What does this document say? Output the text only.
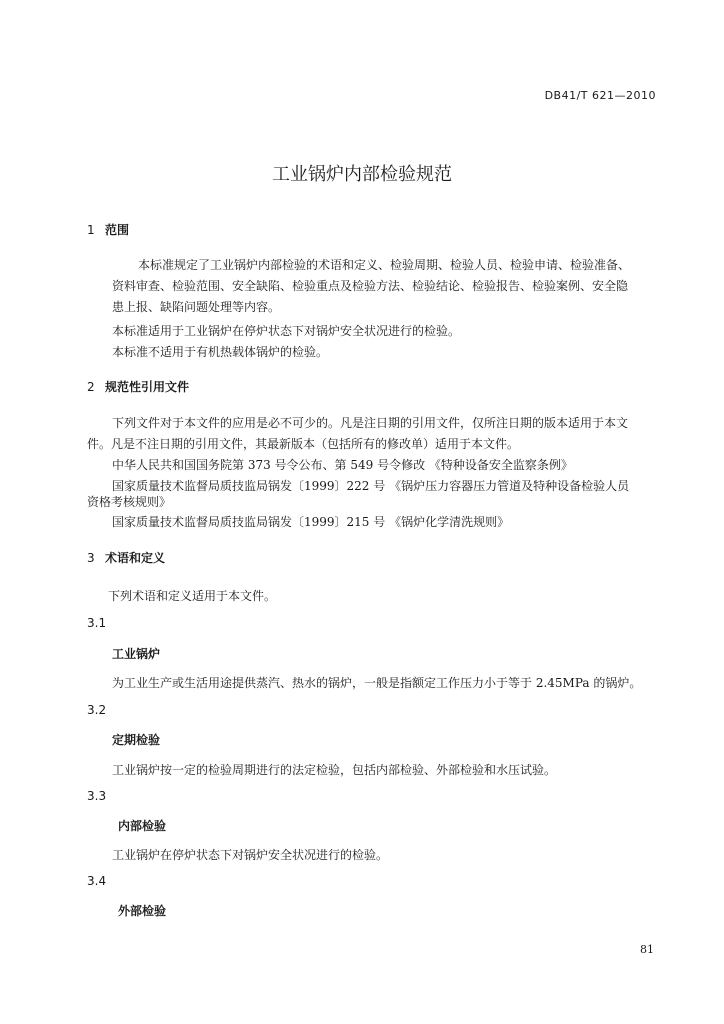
DB41/T 621—2010
工业锅炉内部检验规范
1 范围
本标准规定了工业锅炉内部检验的术语和定义、检验周期、检验人员、检验申请、检验准备、
资料审查、检验范围、安全缺陷、检验重点及检验方法、检验结论、检验报告、检验案例、安全隐
患上报、缺陷问题处理等内容。
本标准适用于工业锅炉在停炉状态下对锅炉安全状况进行的检验。
本标准不适用于有机热载体锅炉的检验。
2 规范性引用文件
下列文件对于本文件的应用是必不可少的。凡是注日期的引用文件，仅所注日期的版本适用于本文
件。凡是不注日期的引用文件，其最新版本（包括所有的修改单）适用于本文件。
中华人民共和国国务院第 373 号令公布、第 549 号令修改 《特种设备安全监察条例》
国家质量技术监督局质技监局锅发〔1999〕222 号 《锅炉压力容器压力管道及特种设备检验人员
资格考核规则》
国家质量技术监督局质技监局锅发〔1999〕215 号 《锅炉化学清洗规则》
3 术语和定义
下列术语和定义适用于本文件。
3.1
工业锅炉
为工业生产或生活用途提供蒸汽、热水的锅炉，一般是指额定工作压力小于等于 2.45MPa 的锅炉。
3.2
定期检验
工业锅炉按一定的检验周期进行的法定检验，包括内部检验、外部检验和水压试验。
3.3
内部检验
工业锅炉在停炉状态下对锅炉安全状况进行的检验。
3.4
外部检验
81
